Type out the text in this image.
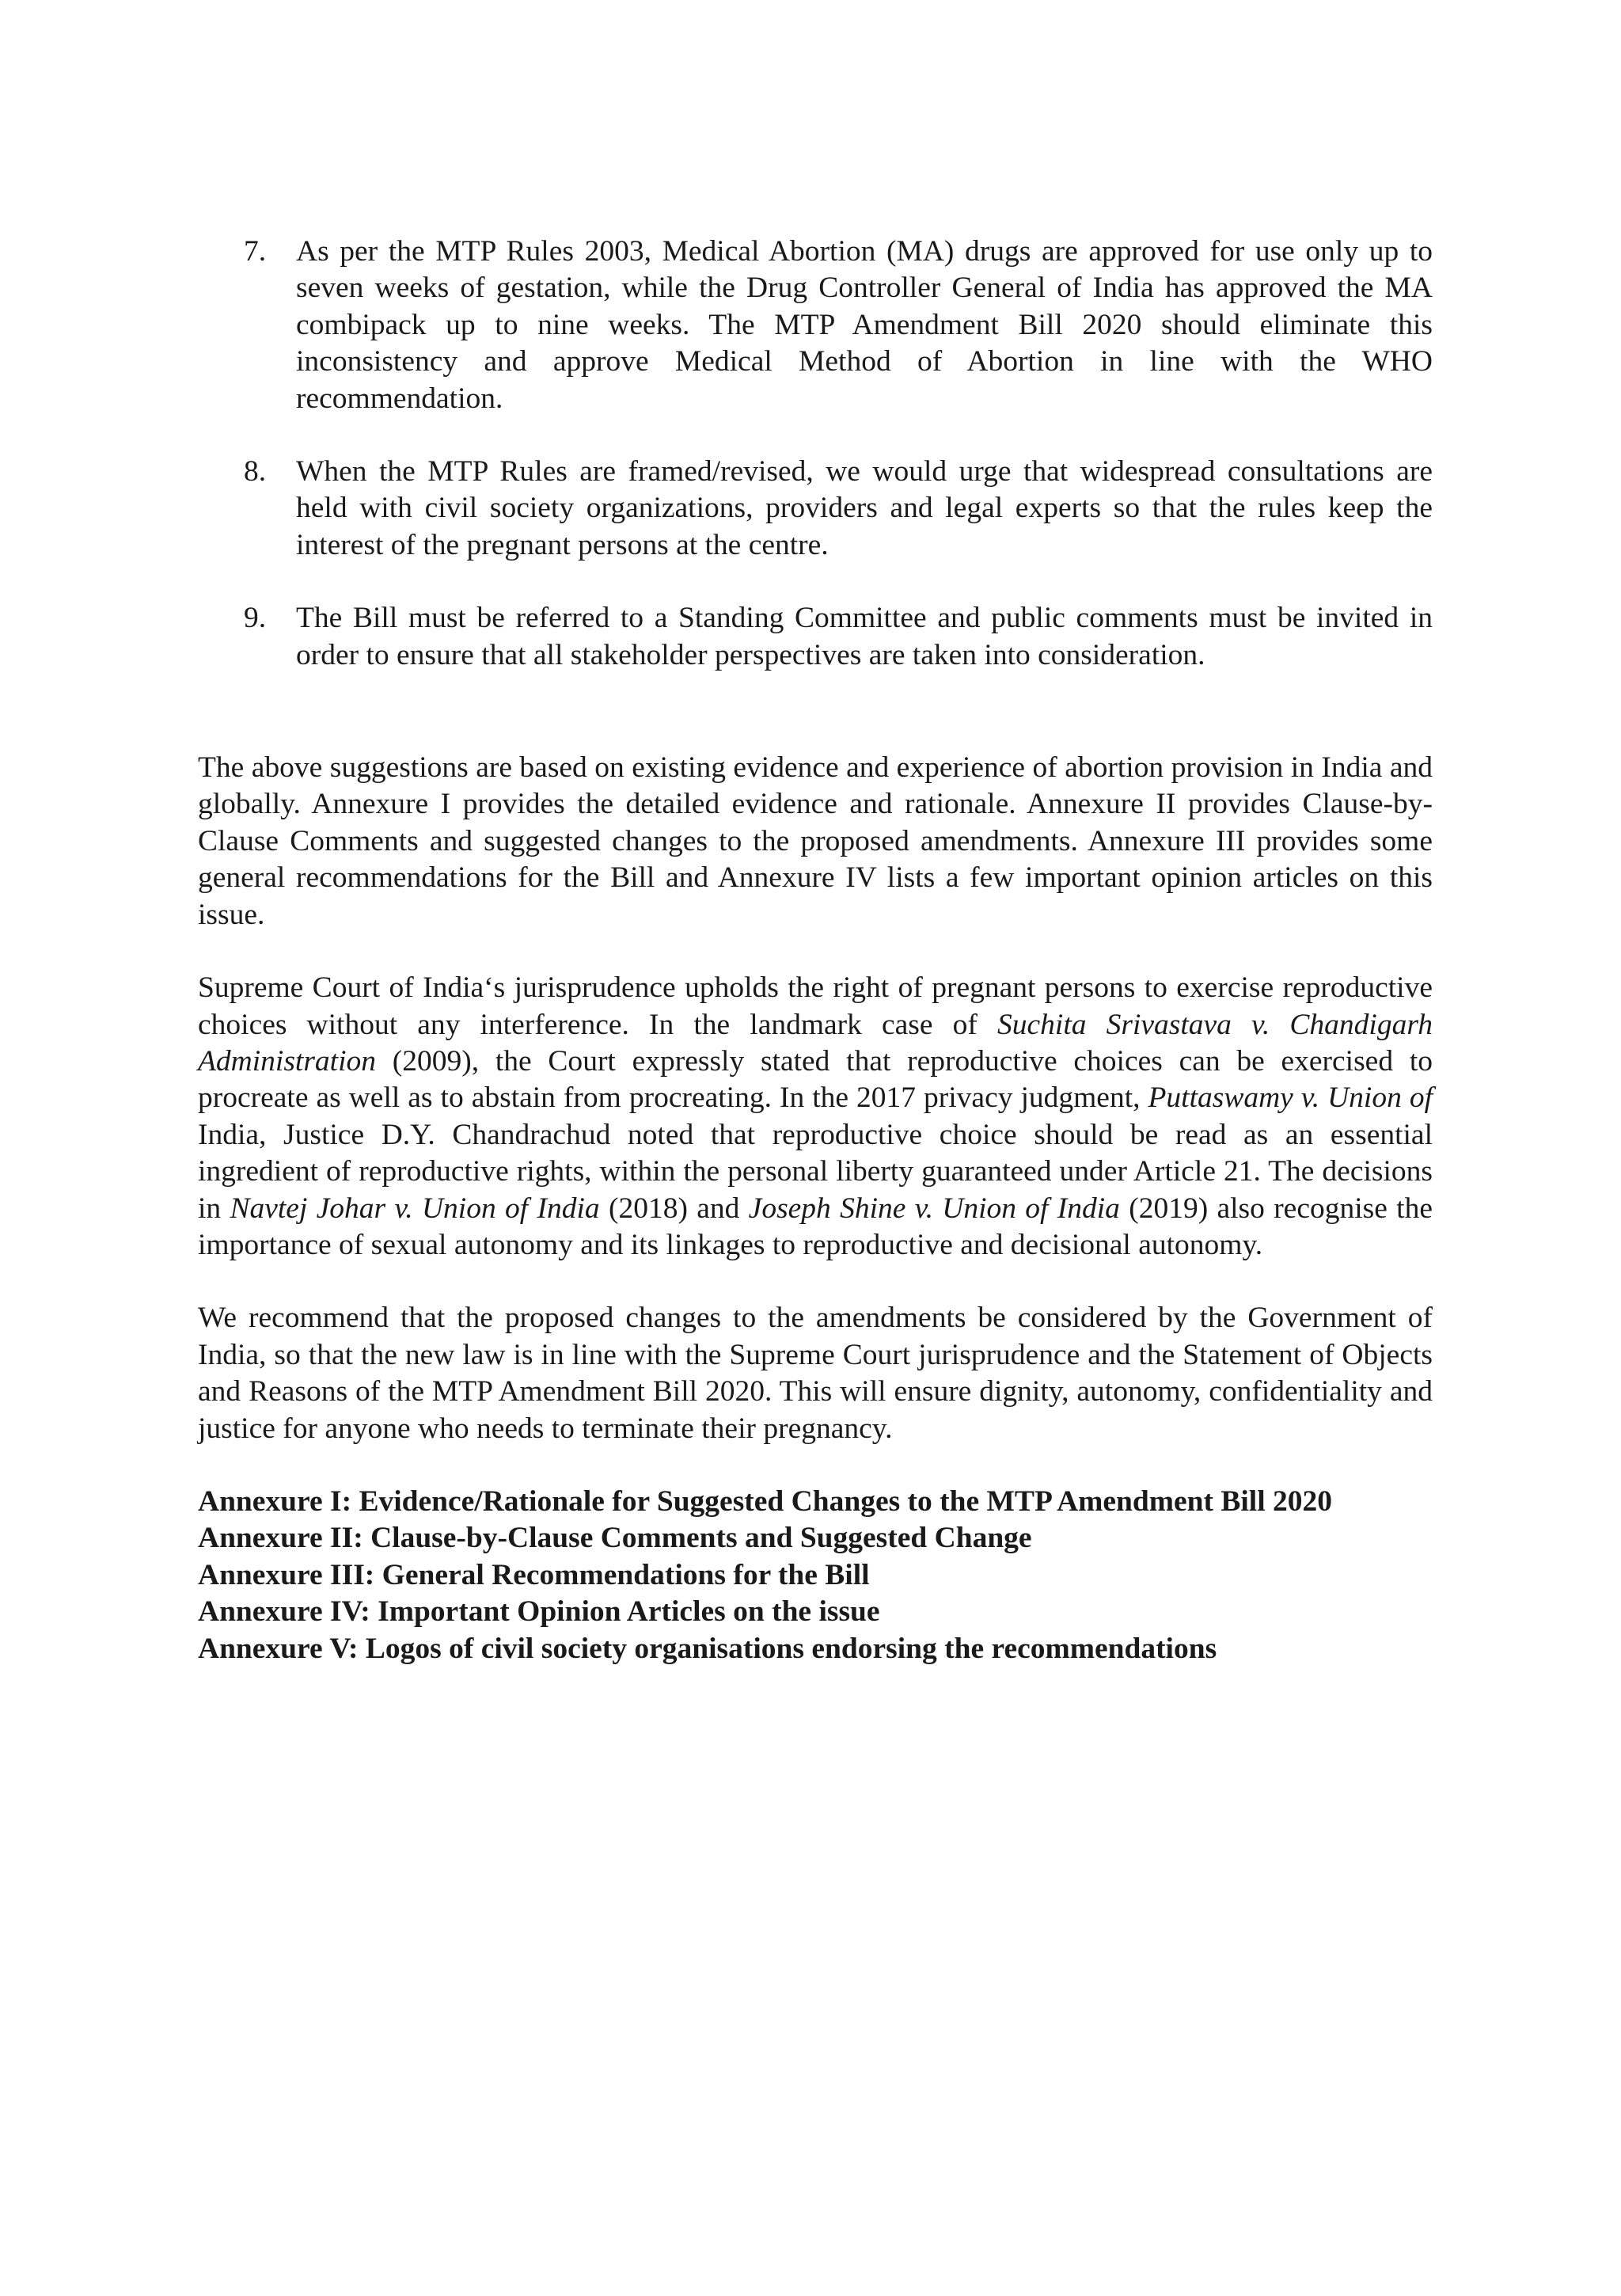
7. As per the MTP Rules 2003, Medical Abortion (MA) drugs are approved for use only up to seven weeks of gestation, while the Drug Controller General of India has approved the MA combipack up to nine weeks. The MTP Amendment Bill 2020 should eliminate this inconsistency and approve Medical Method of Abortion in line with the WHO recommendation.
8. When the MTP Rules are framed/revised, we would urge that widespread consultations are held with civil society organizations, providers and legal experts so that the rules keep the interest of the pregnant persons at the centre.
9. The Bill must be referred to a Standing Committee and public comments must be invited in order to ensure that all stakeholder perspectives are taken into consideration.

The above suggestions are based on existing evidence and experience of abortion provision in India and globally. Annexure I provides the detailed evidence and rationale. Annexure II provides Clause-by-Clause Comments and suggested changes to the proposed amendments. Annexure III provides some general recommendations for the Bill and Annexure IV lists a few important opinion articles on this issue.

Supreme Court of India‘s jurisprudence upholds the right of pregnant persons to exercise reproductive choices without any interference. In the landmark case of Suchita Srivastava v. Chandigarh Administration (2009), the Court expressly stated that reproductive choices can be exercised to procreate as well as to abstain from procreating. In the 2017 privacy judgment, Puttaswamy v. Union of India, Justice D.Y. Chandrachud noted that reproductive choice should be read as an essential ingredient of reproductive rights, within the personal liberty guaranteed under Article 21. The decisions in Navtej Johar v. Union of India (2018) and Joseph Shine v. Union of India (2019) also recognise the importance of sexual autonomy and its linkages to reproductive and decisional autonomy.

We recommend that the proposed changes to the amendments be considered by the Government of India, so that the new law is in line with the Supreme Court jurisprudence and the Statement of Objects and Reasons of the MTP Amendment Bill 2020. This will ensure dignity, autonomy, confidentiality and justice for anyone who needs to terminate their pregnancy.

Annexure I: Evidence/Rationale for Suggested Changes to the MTP Amendment Bill 2020
Annexure II: Clause-by-Clause Comments and Suggested Change
Annexure III: General Recommendations for the Bill
Annexure IV: Important Opinion Articles on the issue
Annexure V: Logos of civil society organisations endorsing the recommendations
